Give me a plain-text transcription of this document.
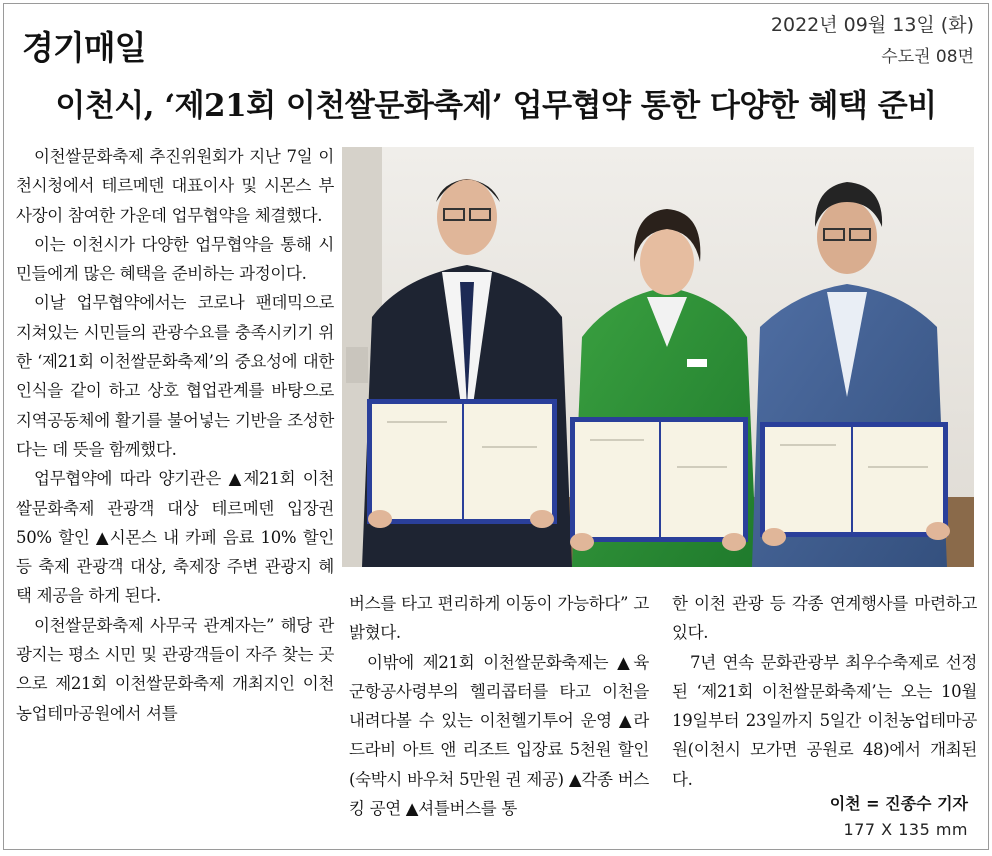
경기매일
2022년 09월 13일 (화)
수도권 08면
이천시, ‘제21회 이천쌀문화축제’ 업무협약 통한 다양한 혜택 준비

이천쌀문화축제 추진위원회가 지난 7일 이천시청에서 테르메덴 대표이사 및 시몬스 부사장이 참여한 가운데 업무협약을 체결했다.

이는 이천시가 다양한 업무협약을 통해 시민들에게 많은 혜택을 준비하는 과정이다.

이날 업무협약에서는 코로나 팬데믹으로 지쳐있는 시민들의 관광수요를 충족시키기 위한 ‘제21회 이천쌀문화축제’의 중요성에 대한 인식을 같이 하고 상호 협업관계를 바탕으로 지역공동체에 활기를 불어넣는 기반을 조성한다는 데 뜻을 함께했다.

업무협약에 따라 양기관은 ▲제21회 이천쌀문화축제 관광객 대상 테르메덴 입장권 50% 할인 ▲시몬스 내 카페 음료 10% 할인 등 축제 관광객 대상, 축제장 주변 관광지 혜택 제공을 하게 된다.

이천쌀문화축제 사무국 관계자는” 해당 관광지는 평소 시민 및 관광객들이 자주 찾는 곳으로 제21회 이천쌀문화축제 개최지인 이천농업테마공원에서 셔틀

버스를 타고 편리하게 이동이 가능하다” 고 밝혔다.

이밖에 제21회 이천쌀문화축제는 ▲육군항공사령부의 헬리콥터를 타고 이천을 내려다볼 수 있는 이천헬기투어 운영 ▲라드라비 아트 앤 리조트 입장료 5천원 할인(숙박시 바우처 5만원 권 제공) ▲각종 버스킹 공연 ▲셔틀버스를 통

한 이천 관광 등 각종 연계행사를 마련하고 있다.

7년 연속 문화관광부 최우수축제로 선정된 ‘제21회 이천쌀문화축제’는 오는 10월 19일부터 23일까지 5일간 이천농업테마공원(이천시 모가면 공원로 48)에서 개최된다.

이천 = 진종수 기자
177 X 135 mm
